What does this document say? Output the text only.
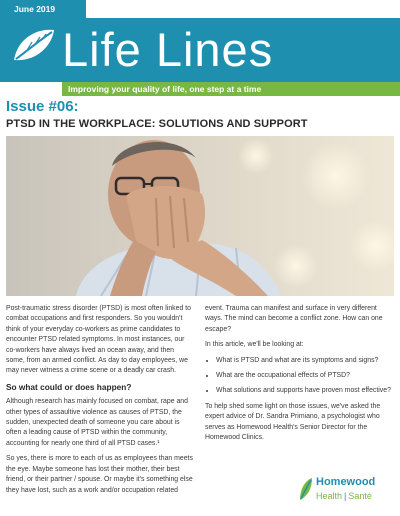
June 2019
Life Lines
Improving your quality of life, one step at a time
Issue #06:
PTSD IN THE WORKPLACE: SOLUTIONS AND SUPPORT

Post-traumatic stress disorder (PTSD) is most often linked to combat occupations and first responders. So you wouldn't think of your everyday co-workers as prime candidates to encounter PTSD related symptoms. In most instances, our co-workers have always lived an ocean away, and then some, from an armed conflict. As day to day employees, we may never witness a crime scene or a deadly car crash.

So what could or does happen?

Although research has mainly focused on combat, rape and other types of assaultive violence as causes of PTSD, the sudden, unexpected death of someone you care about is often a leading cause of PTSD within the community, accounting for nearly one third of all PTSD cases.¹

So yes, there is more to each of us as employees than meets the eye. Maybe someone has lost their mother, their best friend, or their partner / spouse. Or maybe it's something else they have lost, such as a work and/or occupation related

event. Trauma can manifest and surface in very different ways. The mind can become a conflict zone. How can one escape?

In this article, we'll be looking at:

• What is PTSD and what are its symptoms and signs?
• What are the occupational effects of PTSD?
• What solutions and supports have proven most effective?

To help shed some light on those issues, we've asked the expert advice of Dr. Sandra Primiano, a psychologist who serves as Homewood Health's Senior Director for the Homewood Clinics.

Homewood
Health | Santé
